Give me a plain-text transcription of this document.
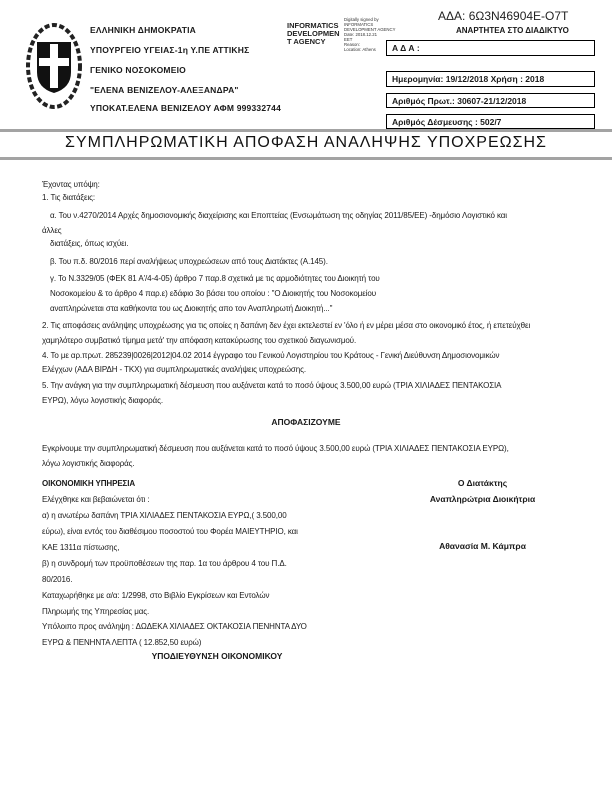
ΕΛΛΗΝΙΚΗ ΔΗΜΟΚΡΑΤΙΑ
ΥΠΟΥΡΓΕΙΟ ΥΓΕΙΑΣ-1η Υ.ΠΕ ΑΤΤΙΚΗΣ
ΓΕΝΙΚΟ ΝΟΣΟΚΟΜΕΙΟ
"ΕΛΕΝΑ ΒΕΝΙΖΕΛΟΥ-ΑΛΕΞΑΝΔΡΑ"
ΥΠΟΚΑΤ.ΕΛΕΝΑ ΒΕΝΙΖΕΛΟΥ ΑΦΜ 999332744
INFORMATICS
DEVELOPMEN
T AGENCY
Digitally signed by
INFORMATICS
DEVELOPMENT AGENCY
Date: 2018.12.21
EET
Reason:
Location: Athens
ΑΔΑ: 6Ω3Ν46904Ε-Ο7Τ
ΑΝΑΡΤΗΤΕΑ ΣΤΟ ΔΙΑΔΙΚΤΥΟ
Α Δ Α :
Ημερομηνία: 19/12/2018 Χρήση : 2018
Αριθμός Πρωτ.: 30607-21/12/2018
Αριθμός Δέσμευσης : 502/7
ΣΥΜΠΛΗΡΩΜΑΤΙΚΗ ΑΠΟΦΑΣΗ ΑΝΑΛΗΨΗΣ ΥΠΟΧΡΕΩΣΗΣ
Έχοντας υπόψη:
1. Τις διατάξεις:
α. Του ν.4270/2014 Αρχές δημοσιονομικής διαχείρισης και Εποπτείας (Ενσωμάτωση της οδηγίας 2011/85/ΕΕ) -δημόσιο Λογιστικό και
άλλες
διατάξεις, όπως ισχύει.
β. Του π.δ. 80/2016 περί αναλήψεως υποχρεώσεων από τους Διατάκτες (Α.145).
γ. Το Ν.3329/05 (ΦΕΚ 81 Α'/4-4-05) άρθρο 7 παρ.8 σχετικά με τις αρμοδιότητες του Διοικητή του
Νοσοκομείου & το άρθρο 4 παρ.ε) εδάφιο 3ο βάσει του οποίου : "Ο Διοικητής του Νοσοκομείου
αναπληρώνεται στα καθήκοντα του ως Διοικητής απο τον Αναπληρωτή Διοικητή..."
2. Τις αποφάσεις ανάληψης υποχρέωσης για τις οποίες η δαπάνη δεν έχει εκτελεστεί εν 'όλο ή εν μέρει μέσα στο οικονομικό έτος, ή επετεύχθει
χαμηλότερο συμβατικό τίμημα μετά' την απόφαση κατακύρωσης του σχετικού διαγωνισμού.
4. Το με αρ.πρωτ. 285239|0026|2012|04.02 2014 έγγραφο του Γενικού Λογιστηρίου του Κράτους - Γενική Διεύθυνση Δημοσιονομικών
Ελέγχων (ΑΔΑ ΒΙΡΔΗ - ΤΚΧ) για συμπληρωματικές αναλήψεις υποχρεώσης.
5. Την ανάγκη για την συμπληρωματική δέσμευση που αυξάνεται κατά το ποσό ύψους 3.500,00 ευρώ (ΤΡΙΑ ΧΙΛΙΑΔΕΣ ΠΕΝΤΑΚΟΣΙΑ
ΕΥΡΩ), λόγω λογιστικής διαφοράς.
ΑΠΟΦΑΣΙΖΟΥΜΕ
Εγκρίνουμε την συμπληρωματική δέσμευση που αυξάνεται κατά το ποσό ύψους 3.500,00 ευρώ (ΤΡΙΑ ΧΙΛΙΑΔΕΣ ΠΕΝΤΑΚΟΣΙΑ ΕΥΡΩ),
λόγω λογιστικής διαφοράς.
ΟΙΚΟΝΟΜΙΚΗ ΥΠΗΡΕΣΙΑ
Ελέγχθηκε και βεβαιώνεται ότι :
α) η ανωτέρω δαπάνη ΤΡΙΑ ΧΙΛΙΑΔΕΣ ΠΕΝΤΑΚΟΣΙΑ ΕΥΡΩ,( 3.500,00
εύρω), είναι εντός του διαθέσιμου ποσοστού του Φορέα ΜΑΙΕΥΤΗΡΙΟ, και
ΚΑΕ 1311α πίστωσης,
β) η συνδρομή των προϋποθέσεων της παρ. 1α του άρθρου 4 του Π.Δ.
80/2016.
Καταχωρήθηκε με α/α: 1/2998, στο Βιβλίο Εγκρίσεων και Εντολών
Πληρωμής της Υπηρεσίας μας.
Υπόλοιπο προς ανάληψη : ΔΩΔΕΚΑ ΧΙΛΙΑΔΕΣ ΟΚΤΑΚΟΣΙΑ ΠΕΝΗΝΤΑ ΔΥΟ
ΕΥΡΩ & ΠΕΝΗΝΤΑ ΛΕΠΤΑ ( 12.852,50 ευρώ)
Ο Διατάκτης
Αναπληρώτρια Διοικήτρια
Αθανασία Μ. Κάμπρα
ΥΠΟΔΙΕΥΘΥΝΣΗ ΟΙΚΟΝΟΜΙΚΟΥ
